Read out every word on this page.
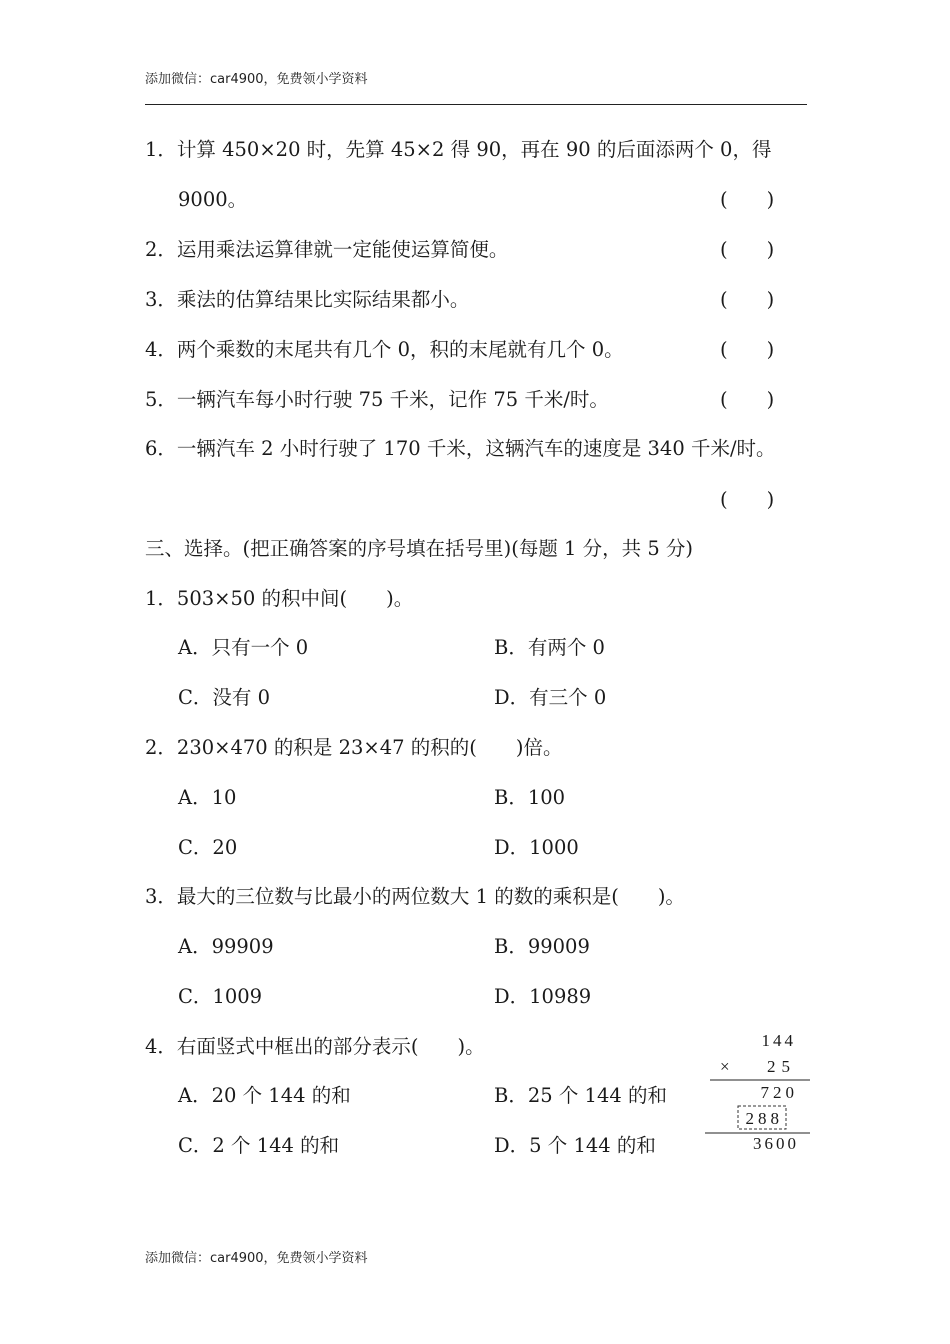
添加微信：car4900，免费领小学资料
1．计算 450×20 时，先算 45×2 得 90，再在 90 的后面添两个 0，得
9000。	(　　)
2．运用乘法运算律就一定能使运算简便。	(　　)
3．乘法的估算结果比实际结果都小。	(　　)
4．两个乘数的末尾共有几个 0，积的末尾就有几个 0。	(　　)
5．一辆汽车每小时行驶 75 千米，记作 75 千米/时。	(　　)
6．一辆汽车 2 小时行驶了 170 千米，这辆汽车的速度是 340 千米/时。
(　　)
三、选择。(把正确答案的序号填在括号里)(每题 1 分，共 5 分)
1．503×50 的积中间(　　)。
A．只有一个 0	B．有两个 0
C．没有 0	D．有三个 0
2．230×470 的积是 23×47 的积的(　　)倍。
A．10	B．100
C．20	D．1000
3．最大的三位数与比最小的两位数大 1 的数的乘积是(　　)。
A．99909	B．99009
C．1009	D．10989
4．右面竖式中框出的部分表示(　　)。
A．20 个 144 的和	B．25 个 144 的和
C．2 个 144 的和	D．5 个 144 的和
144
× 25
720
288
3600
添加微信：car4900，免费领小学资料
